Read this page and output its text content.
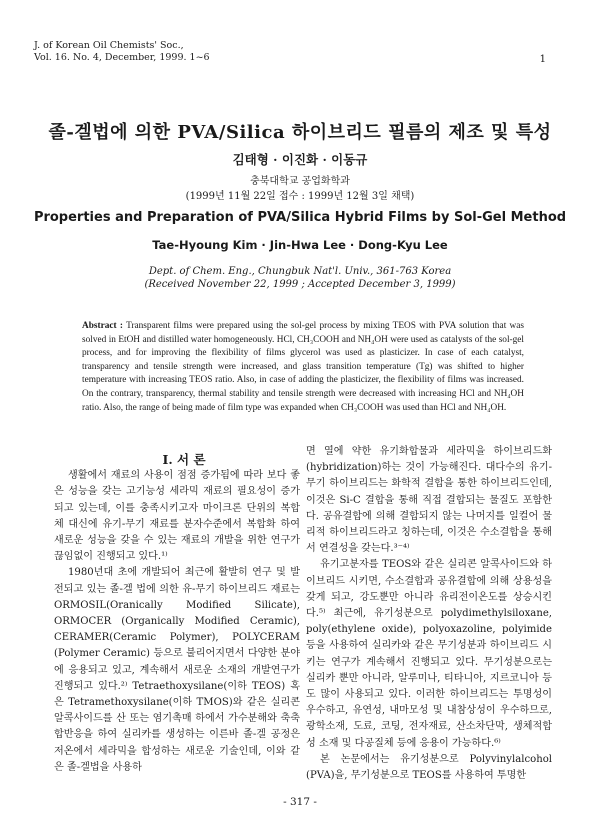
J. of Korean Oil Chemists' Soc.,
Vol. 16. No. 4, December, 1999. 1~6	1
졸-겔법에 의한 PVA/Silica 하이브리드 필름의 제조 및 특성
김태형 · 이진화 · 이동규
충북대학교 공업화학과
(1999년 11월 22일 접수 : 1999년 12월 3일 채택)
Properties and Preparation of PVA/Silica Hybrid Films by Sol-Gel Method
Tae-Hyoung Kim · Jin-Hwa Lee · Dong-Kyu Lee
Dept. of Chem. Eng., Chungbuk Nat'l. Univ., 361-763 Korea
(Received November 22, 1999 ; Accepted December 3, 1999)
Abstract : Transparent films were prepared using the sol-gel process by mixing TEOS with PVA solution that was solved in EtOH and distilled water homogeneously. HCl, CH₃COOH and NH₄OH were used as catalysts of the sol-gel process, and for improving the flexibility of films glycerol was used as plasticizer. In case of each catalyst, transparency and tensile strength were increased, and glass transition temperature (Tg) was shifted to higher temperature with increasing TEOS ratio. Also, in case of adding the plasticizer, the flexibility of films was increased. On the contrary, transparency, thermal stability and tensile strength were decreased with increasing HCl and NH₄OH ratio. Also, the range of being made of film type was expanded when CH₃COOH was used than HCl and NH₄OH.

Ⅰ. 서 론

생활에서 재료의 사용이 점점 증가됨에 따라 보다 좋은 성능을 갖는 고기능성 세라믹 재료의 필요성이 증가되고 있는데, 이를 충족시키고자 마이크론 단위의 복합체 대신에 유기-무기 재료를 분자수준에서 복합화 하여 새로운 성능을 갖을 수 있는 재료의 개발을 위한 연구가 끊임없이 진행되고 있다.¹⁾

1980년대 초에 개발되어 최근에 활발히 연구 및 발전되고 있는 졸-겔 법에 의한 유-무기 하이브리드 재료는 ORMOSIL(Oranically Modified Silicate), ORMOCER (Organically Modified Ceramic), CERAMER(Ceramic Polymer), POLYCERAM (Polymer Ceramic) 등으로 불리어지면서 다양한 분야에 응용되고 있고, 계속해서 새로운 소재의 개발연구가 진행되고 있다.²⁾ Tetraethoxysilane(이하 TEOS) 혹은 Tetramethoxysilane(이하 TMOS)와 같은 실리콘 알콕사이드를 산 또는 염기촉매 하에서 가수분해와 축축합반응을 하여 실리카를 생성하는 이른바 졸-겔 공정은 저온에서 세라믹을 합성하는 새로운 기술인데, 이와 같은 졸-겔법을 사용하

면 열에 약한 유기화합물과 세라믹을 하이브리드화(hybridization)하는 것이 가능해진다. 대다수의 유기-무기 하이브리드는 화학적 결합을 통한 하이브리드인데, 이것은 Si-C 결합을 통해 직접 결합되는 물질도 포함한다. 공유결합에 의해 결합되지 않는 나머지를 일컬어 물리적 하이브리드라고 칭하는데, 이것은 수소결합을 통해서 연결성을 갖는다.³⁻⁴⁾

유기고분자를 TEOS와 같은 실리콘 알콕사이드와 하이브리드 시키면, 수소결합과 공유결합에 의해 상용성을 갖게 되고, 강도뿐만 아니라 유리전이온도를 상승시킨다.⁵⁾ 최근에, 유기성분으로 polydimethylsiloxane, poly(ethylene oxide), polyoxazoline, polyimide 등을 사용하여 실리카와 같은 무기성분과 하이브리드 시키는 연구가 계속해서 진행되고 있다. 무기성분으로는 실리카 뿐만 아니라, 알루미나, 티타니아, 지르코니아 등도 많이 사용되고 있다. 이러한 하이브리드는 투명성이 우수하고, 유연성, 내마모성 및 내참상성이 우수하므로, 광학소재, 도료, 코팅, 전자재료, 산소차단막, 생체적합성 소재 및 다공질체 등에 응용이 가능하다.⁶⁾

본 논문에서는 유기성분으로 Polyvinylalcohol (PVA)을, 무기성분으로 TEOS를 사용하여 투명한

- 317 -
